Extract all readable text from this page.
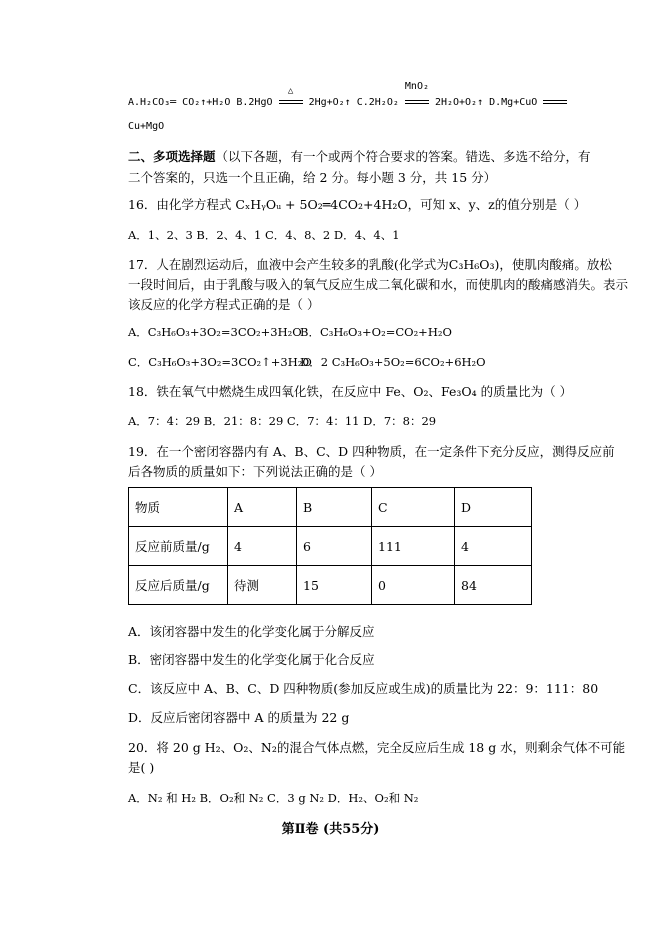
A.H₂CO₃═ CO₂↑+H₂O B.2HgO
△
2Hg+O₂↑ C.2H₂O₂
MnO₂
2H₂O+O₂↑ D.Mg+CuO
Cu+MgO
二、多项选择题（以下各题，有一个或两个符合要求的答案。错选、多选不给分，有
二个答案的，只选一个且正确，给 2 分。每小题 3 分，共 15 分）
16．由化学方程式 CₓHᵧOᵤ + 5O₂═4CO₂+4H₂O，可知 x、y、z的值分别是（ ）
A．1、2、3 B．2、4、1 C．4、8、2 D．4、4、1
17．人在剧烈运动后，血液中会产生较多的乳酸(化学式为C₃H₆O₃)，使肌肉酸痛。放松
一段时间后，由于乳酸与吸入的氧气反应生成二氧化碳和水，而使肌肉的酸痛感消失。表示
该反应的化学方程式正确的是（ ）
A．C₃H₆O₃+3O₂=3CO₂+3H₂O
B．C₃H₆O₃+O₂=CO₂+H₂O
C．C₃H₆O₃+3O₂=3CO₂↑+3H₂O
D．2 C₃H₆O₃+5O₂=6CO₂+6H₂O
18．铁在氧气中燃烧生成四氧化铁，在反应中 Fe、O₂、Fe₃O₄ 的质量比为（ ）
A．7：4：29 B．21：8：29 C．7：4：11 D．7：8：29
19．在一个密闭容器内有 A、B、C、D 四种物质，在一定条件下充分反应，测得反应前
后各物质的质量如下：下列说法正确的是（ ）
物质	A	B	C	D
反应前质量/g	4	6	111	4
反应后质量/g	待测	15	0	84
A．该闭容器中发生的化学变化属于分解反应
B．密闭容器中发生的化学变化属于化合反应
C．该反应中 A、B、C、D 四种物质(参加反应或生成)的质量比为 22：9：111：80
D．反应后密闭容器中 A 的质量为 22 g
20．将 20 g H₂、O₂、N₂的混合气体点燃，完全反应后生成 18 g 水，则剩余气体不可能
是( )
A．N₂ 和 H₂ B．O₂和 N₂ C．3 g N₂ D．H₂、O₂和 N₂
第Ⅱ卷 (共55分)
